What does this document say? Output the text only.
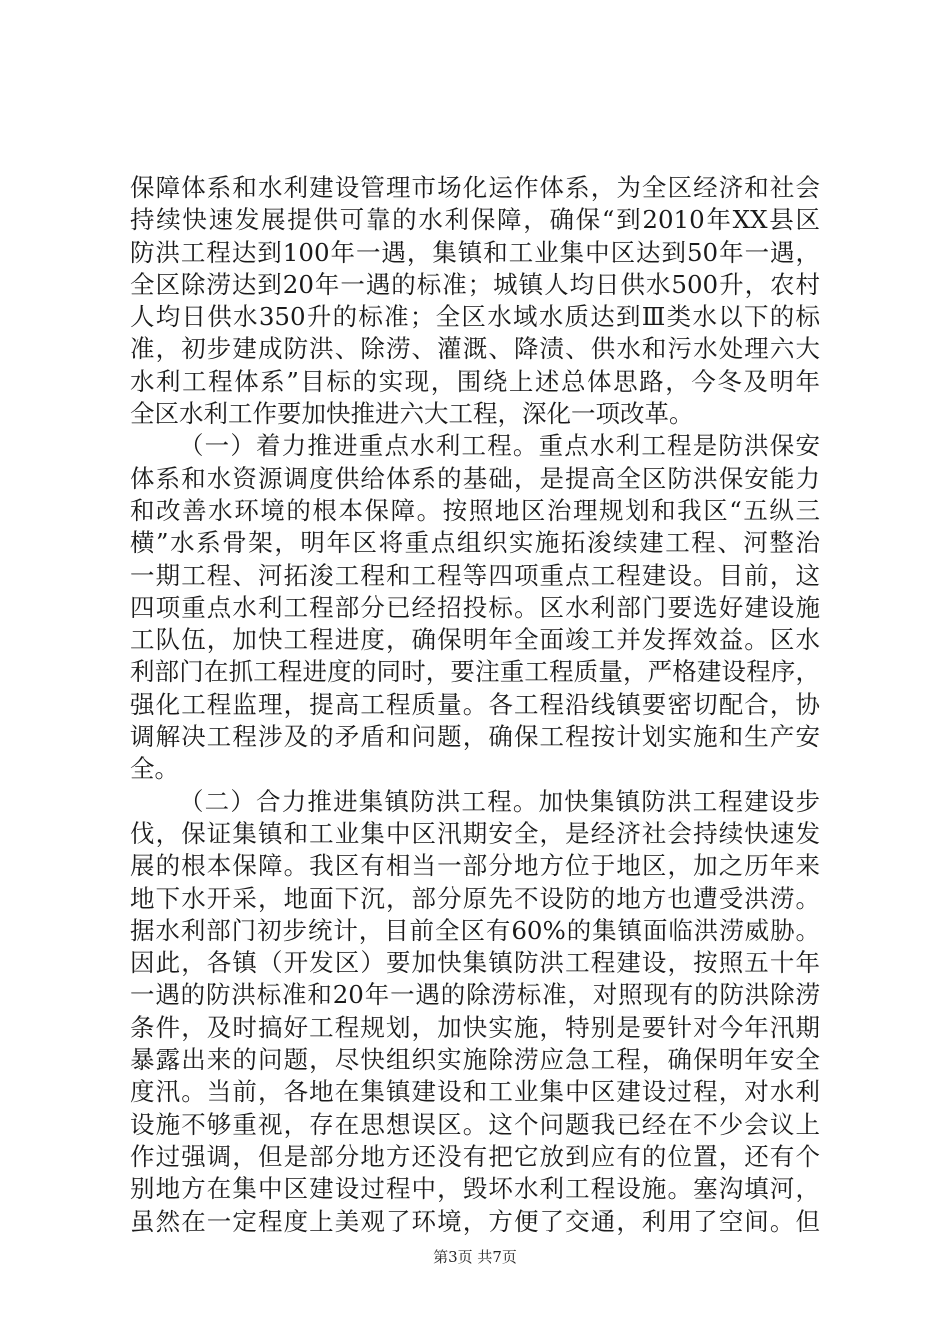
保障体系和水利建设管理市场化运作体系，为全区经济和社会
持续快速发展提供可靠的水利保障，确保“到2010年XX县区
防洪工程达到100年一遇，集镇和工业集中区达到50年一遇，
全区除涝达到20年一遇的标准；城镇人均日供水500升，农村
人均日供水350升的标准；全区水域水质达到Ⅲ类水以下的标
准，初步建成防洪、除涝、灌溉、降渍、供水和污水处理六大
水利工程体系”目标的实现，围绕上述总体思路，今冬及明年
全区水利工作要加快推进六大工程，深化一项改革。
（一）着力推进重点水利工程。重点水利工程是防洪保安
体系和水资源调度供给体系的基础，是提高全区防洪保安能力
和改善水环境的根本保障。按照地区治理规划和我区“五纵三
横”水系骨架，明年区将重点组织实施拓浚续建工程、河整治
一期工程、河拓浚工程和工程等四项重点工程建设。目前，这
四项重点水利工程部分已经招投标。区水利部门要选好建设施
工队伍，加快工程进度，确保明年全面竣工并发挥效益。区水
利部门在抓工程进度的同时，要注重工程质量，严格建设程序，
强化工程监理，提高工程质量。各工程沿线镇要密切配合，协
调解决工程涉及的矛盾和问题，确保工程按计划实施和生产安
全。
（二）合力推进集镇防洪工程。加快集镇防洪工程建设步
伐，保证集镇和工业集中区汛期安全，是经济社会持续快速发
展的根本保障。我区有相当一部分地方位于地区，加之历年来
地下水开采，地面下沉，部分原先不设防的地方也遭受洪涝。
据水利部门初步统计，目前全区有60%的集镇面临洪涝威胁。
因此，各镇（开发区）要加快集镇防洪工程建设，按照五十年
一遇的防洪标准和20年一遇的除涝标准，对照现有的防洪除涝
条件，及时搞好工程规划，加快实施，特别是要针对今年汛期
暴露出来的问题，尽快组织实施除涝应急工程，确保明年安全
度汛。当前，各地在集镇建设和工业集中区建设过程，对水利
设施不够重视，存在思想误区。这个问题我已经在不少会议上
作过强调，但是部分地方还没有把它放到应有的位置，还有个
别地方在集中区建设过程中，毁坏水利工程设施。塞沟填河，
虽然在一定程度上美观了环境，方便了交通，利用了空间。但
第3页 共7页
